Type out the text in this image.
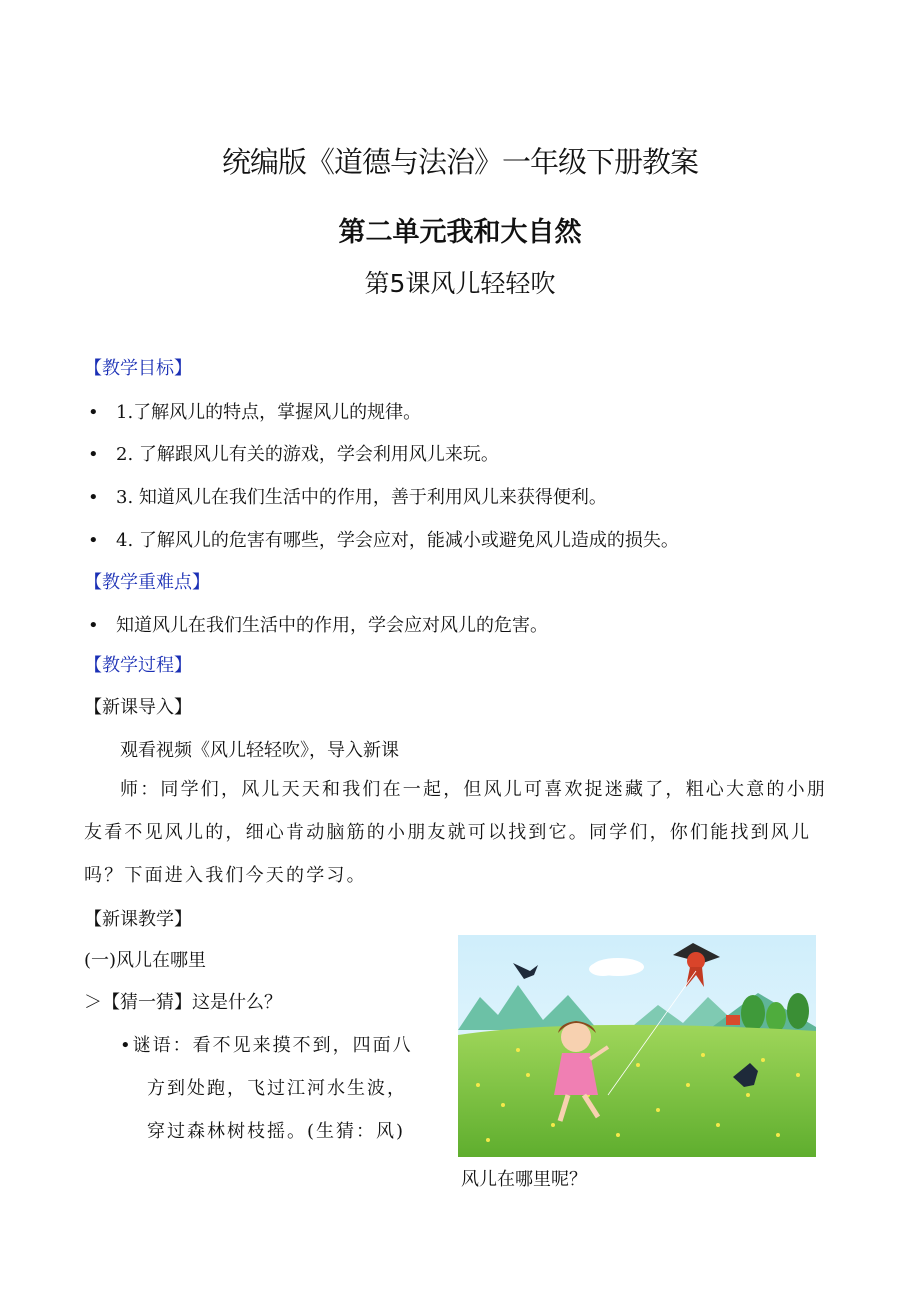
统编版《道德与法治》一年级下册教案
第二单元我和大自然
第5课风儿轻轻吹
【教学目标】
• 1.了解风儿的特点，掌握风儿的规律。
• 2. 了解跟风儿有关的游戏，学会利用风儿来玩。
• 3. 知道风儿在我们生活中的作用，善于利用风儿来获得便利。
• 4. 了解风儿的危害有哪些，学会应对，能减小或避免风儿造成的损失。
【教学重难点】
• 知道风儿在我们生活中的作用，学会应对风儿的危害。
【教学过程】
【新课导入】
观看视频《风儿轻轻吹》，导入新课
师：同学们，风儿天天和我们在一起，但风儿可喜欢捉迷藏了，粗心大意的小朋友看不见风儿的，细心肯动脑筋的小朋友就可以找到它。同学们，你们能找到风儿吗？下面进入我们今天的学习。
【新课教学】
(一)风儿在哪里
＞【猜一猜】这是什么？
•谜语：看不见来摸不到，四面八
方到处跑，飞过江河水生波，
穿过森林树枝摇。(生猜：风)
风儿在哪里呢？
